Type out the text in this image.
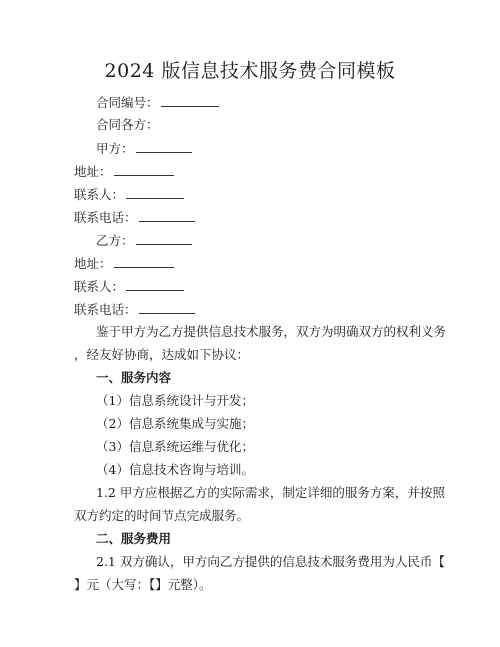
2024 版信息技术服务费合同模板
合同编号：
合同各方：
甲方：
地址：
联系人：
联系电话：
乙方：
地址：
联系人：
联系电话：
鉴于甲方为乙方提供信息技术服务，双方为明确双方的权利义务
，经友好协商，达成如下协议：
一、服务内容
（1）信息系统设计与开发；
（2）信息系统集成与实施；
（3）信息系统运维与优化；
（4）信息技术咨询与培训。
1.2 甲方应根据乙方的实际需求，制定详细的服务方案，并按照
双方约定的时间节点完成服务。
二、服务费用
2.1 双方确认，甲方向乙方提供的信息技术服务费用为人民币【
】元（大写：【】元整）。
